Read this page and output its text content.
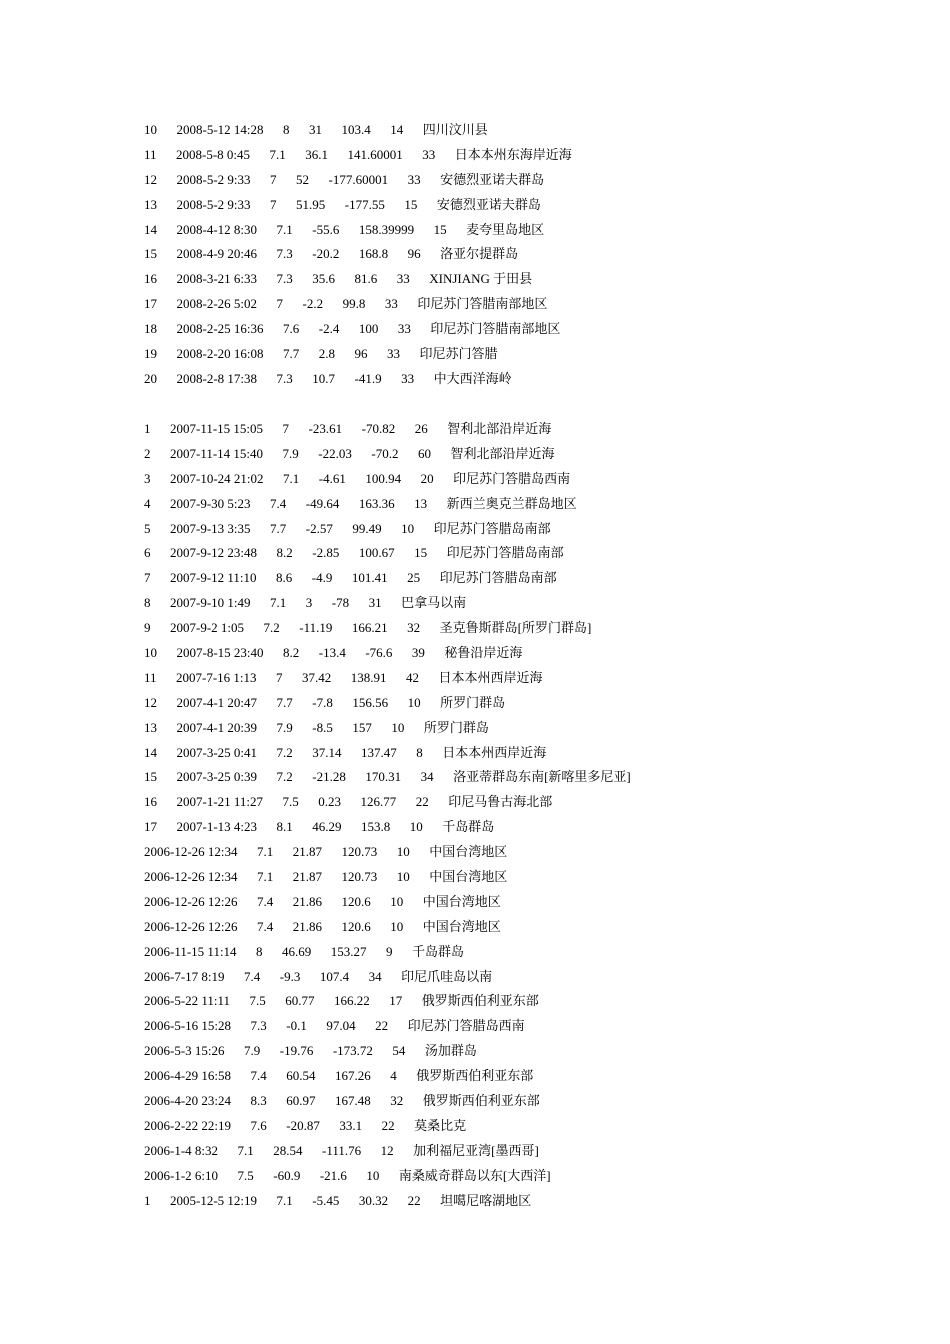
10      2008-5-12 14:28      8      31      103.4      14      四川汶川县
11      2008-5-8 0:45      7.1      36.1      141.60001      33      日本本州东海岸近海
12      2008-5-2 9:33      7      52      -177.60001      33      安德烈亚诺夫群岛
13      2008-5-2 9:33      7      51.95      -177.55      15      安德烈亚诺夫群岛
14      2008-4-12 8:30      7.1      -55.6      158.39999      15      麦夸里岛地区
15      2008-4-9 20:46      7.3      -20.2      168.8      96      洛亚尔提群岛
16      2008-3-21 6:33      7.3      35.6      81.6      33      XINJIANG 于田县
17      2008-2-26 5:02      7      -2.2      99.8      33      印尼苏门答腊南部地区
18      2008-2-25 16:36      7.6      -2.4      100      33      印尼苏门答腊南部地区
19      2008-2-20 16:08      7.7      2.8      96      33      印尼苏门答腊
20      2008-2-8 17:38      7.3      10.7      -41.9      33      中大西洋海岭
1      2007-11-15 15:05      7      -23.61      -70.82      26      智利北部沿岸近海
2      2007-11-14 15:40      7.9      -22.03      -70.2      60      智利北部沿岸近海
3      2007-10-24 21:02      7.1      -4.61      100.94      20      印尼苏门答腊岛西南
4      2007-9-30 5:23      7.4      -49.64      163.36      13      新西兰奥克兰群岛地区
5      2007-9-13 3:35      7.7      -2.57      99.49      10      印尼苏门答腊岛南部
6      2007-9-12 23:48      8.2      -2.85      100.67      15      印尼苏门答腊岛南部
7      2007-9-12 11:10      8.6      -4.9      101.41      25      印尼苏门答腊岛南部
8      2007-9-10 1:49      7.1      3      -78      31      巴拿马以南
9      2007-9-2 1:05      7.2      -11.19      166.21      32      圣克鲁斯群岛[所罗门群岛]
10      2007-8-15 23:40      8.2      -13.4      -76.6      39      秘鲁沿岸近海
11      2007-7-16 1:13      7      37.42      138.91      42      日本本州西岸近海
12      2007-4-1 20:47      7.7      -7.8      156.56      10      所罗门群岛
13      2007-4-1 20:39      7.9      -8.5      157      10      所罗门群岛
14      2007-3-25 0:41      7.2      37.14      137.47      8      日本本州西岸近海
15      2007-3-25 0:39      7.2      -21.28      170.31      34      洛亚蒂群岛东南[新喀里多尼亚]
16      2007-1-21 11:27      7.5      0.23      126.77      22      印尼马鲁古海北部
17      2007-1-13 4:23      8.1      46.29      153.8      10      千岛群岛
2006-12-26 12:34      7.1      21.87      120.73      10      中国台湾地区
2006-12-26 12:34      7.1      21.87      120.73      10      中国台湾地区
2006-12-26 12:26      7.4      21.86      120.6      10      中国台湾地区
2006-12-26 12:26      7.4      21.86      120.6      10      中国台湾地区
2006-11-15 11:14      8      46.69      153.27      9      千岛群岛
2006-7-17 8:19      7.4      -9.3      107.4      34      印尼爪哇岛以南
2006-5-22 11:11      7.5      60.77      166.22      17      俄罗斯西伯利亚东部
2006-5-16 15:28      7.3      -0.1      97.04      22      印尼苏门答腊岛西南
2006-5-3 15:26      7.9      -19.76      -173.72      54      汤加群岛
2006-4-29 16:58      7.4      60.54      167.26      4      俄罗斯西伯利亚东部
2006-4-20 23:24      8.3      60.97      167.48      32      俄罗斯西伯利亚东部
2006-2-22 22:19      7.6      -20.87      33.1      22      莫桑比克
2006-1-4 8:32      7.1      28.54      -111.76      12      加利福尼亚湾[墨西哥]
2006-1-2 6:10      7.5      -60.9      -21.6      10      南桑威奇群岛以东[大西洋]
1      2005-12-5 12:19      7.1      -5.45      30.32      22      坦噶尼喀湖地区
